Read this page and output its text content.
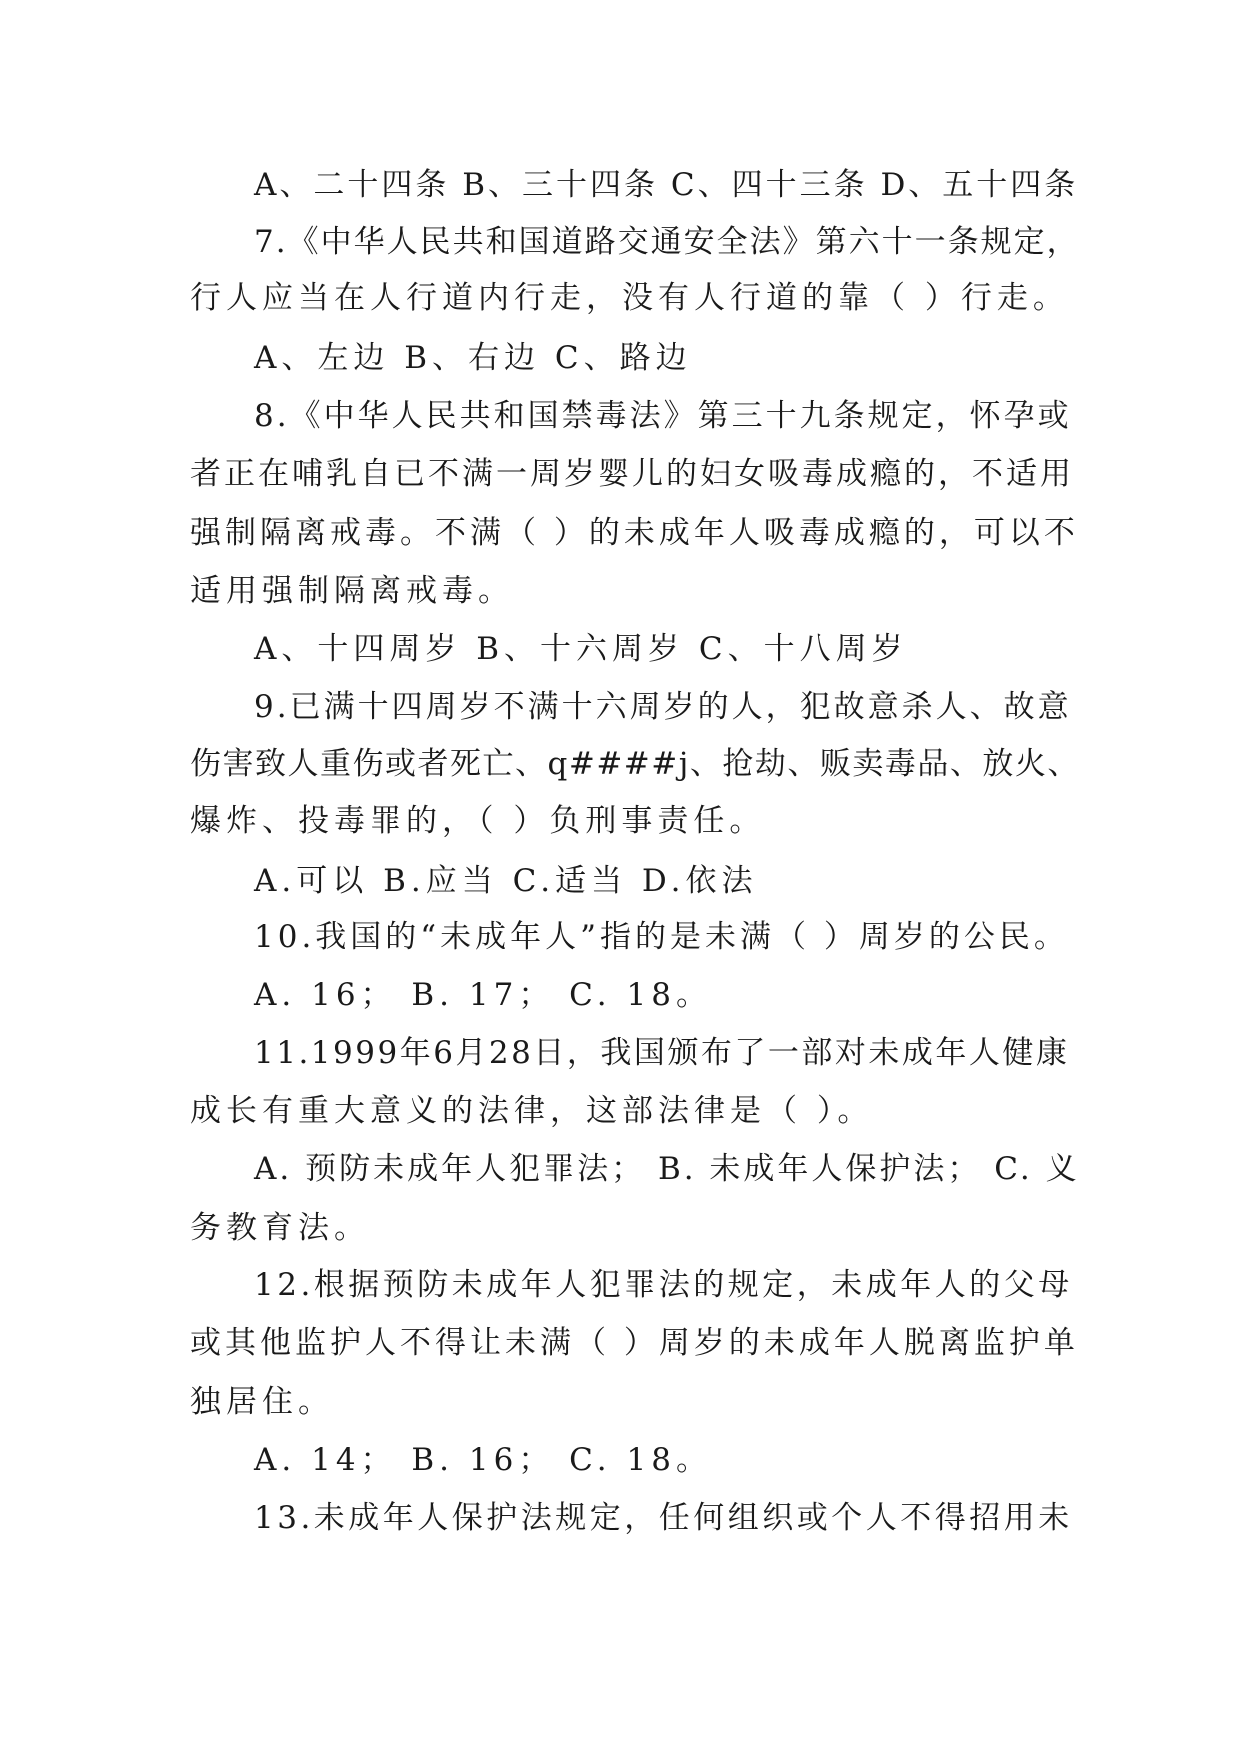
A、二十四条 B、三十四条 C、四十三条 D、五十四条

7.《中华人民共和国道路交通安全法》第六十一条规定，

行人应当在人行道内行走，没有人行道的靠（ ）行走。

A、左边 B、右边 C、路边

8.《中华人民共和国禁毒法》第三十九条规定，怀孕或

者正在哺乳自已不满一周岁婴儿的妇女吸毒成瘾的，不适用

强制隔离戒毒。不满（ ）的未成年人吸毒成瘾的，可以不

适用强制隔离戒毒。

A、十四周岁 B、十六周岁 C、十八周岁

9.已满十四周岁不满十六周岁的人，犯故意杀人、故意

伤害致人重伤或者死亡、q####j、抢劫、贩卖毒品、放火、

爆炸、投毒罪的，（ ）负刑事责任。

A.可以 B.应当 C.适当 D.依法

10.我国的“未成年人”指的是未满（ ）周岁的公民。

A. 16； B. 17； C. 18。

11.1999年6月28日，我国颁布了一部对未成年人健康

成长有重大意义的法律，这部法律是（ ）。

A. 预防未成年人犯罪法； B. 未成年人保护法； C. 义

务教育法。

12.根据预防未成年人犯罪法的规定，未成年人的父母

或其他监护人不得让未满（ ）周岁的未成年人脱离监护单

独居住。

A. 14； B. 16； C. 18。

13.未成年人保护法规定，任何组织或个人不得招用未
